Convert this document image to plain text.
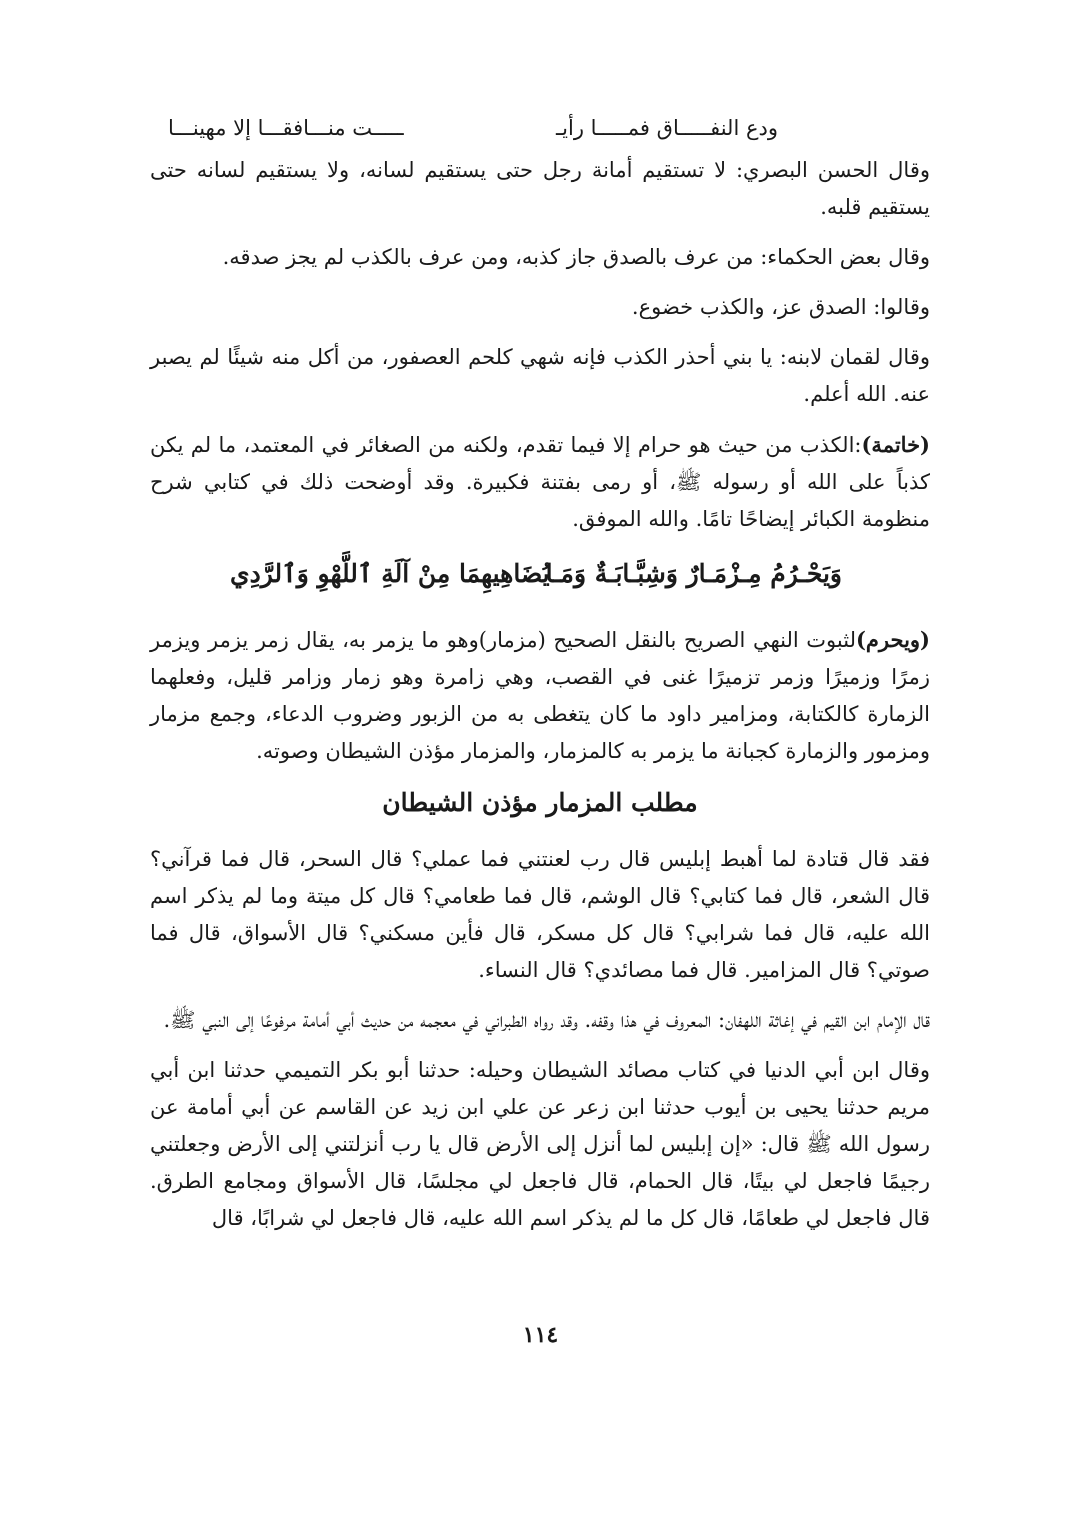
ودع النفـــــاق فمـــــا رأيـ
ـــــت منـــافقـــا إلا مهينـــا

وقال الحسن البصري: لا تستقيم أمانة رجل حتى يستقيم لسانه، ولا يستقيم لسانه حتى يستقيم قلبه.

وقال بعض الحكماء: من عرف بالصدق جاز كذبه، ومن عرف بالكذب لم يجز صدقه.

وقالوا: الصدق عز، والكذب خضوع.

وقال لقمان لابنه: يا بني أحذر الكذب فإنه شهي كلحم العصفور، من أكل منه شيئًا لم يصبر عنه. الله أعلم.

(خاتمة):الكذب من حيث هو حرام إلا فيما تقدم، ولكنه من الصغائر في المعتمد، ما لم يكن كذباً على الله أو رسوله ﷺ، أو رمى بفتنة فكبيرة. وقد أوضحت ذلك في كتابي شرح منظومة الكبائر إيضاحًا تامًا. والله الموفق.

وَيَحْـرُمُ مِـزْمَـارٌ وَشِبَّـابَـةٌ وَمَـا
يُضَاهِيهِمَا مِنْ آلَةِ ٱللَّهْوِ وَٱلرَّدِي

(ويحرم)لثبوت النهي الصريح بالنقل الصحيح (مزمار)وهو ما يزمر به، يقال زمر يزمر ويزمر زمرًا وزميرًا وزمر تزميرًا غنى في القصب، وهي زامرة وهو زمار وزامر قليل، وفعلهما الزمارة كالكتابة، ومزامير داود ما كان يتغطى به من الزبور وضروب الدعاء، وجمع مزمار ومزمور والزمارة كجبانة ما يزمر به كالمزمار، والمزمار مؤذن الشيطان وصوته.

مطلب المزمار مؤذن الشيطان

فقد قال قتادة لما أهبط إبليس قال رب لعنتني فما عملي؟ قال السحر، قال فما قرآني؟ قال الشعر، قال فما كتابي؟ قال الوشم، قال فما طعامي؟ قال كل ميتة وما لم يذكر اسم الله عليه، قال فما شرابي؟ قال كل مسكر، قال فأين مسكني؟ قال الأسواق، قال فما صوتي؟ قال المزامير. قال فما مصائدي؟ قال النساء.

قال الإمام ابن القيم في إغاثة اللهفان: المعروف في هذا وقفه. وقد رواه الطبراني في معجمه من حديث أبي أمامة مرفوعًا إلى النبي ﷺ.

وقال ابن أبي الدنيا في كتاب مصائد الشيطان وحيله: حدثنا أبو بكر التميمي حدثنا ابن أبي مريم حدثنا يحيى بن أيوب حدثنا ابن زعر عن علي ابن زيد عن القاسم عن أبي أمامة عن رسول الله ﷺ قال: «إن إبليس لما أنزل إلى الأرض قال يا رب أنزلتني إلى الأرض وجعلتني رجيمًا فاجعل لي بيتًا، قال الحمام، قال فاجعل لي مجلسًا، قال الأسواق ومجامع الطرق. قال فاجعل لي طعامًا، قال كل ما لم يذكر اسم الله عليه، قال فاجعل لي شرابًا، قال

١١٤
